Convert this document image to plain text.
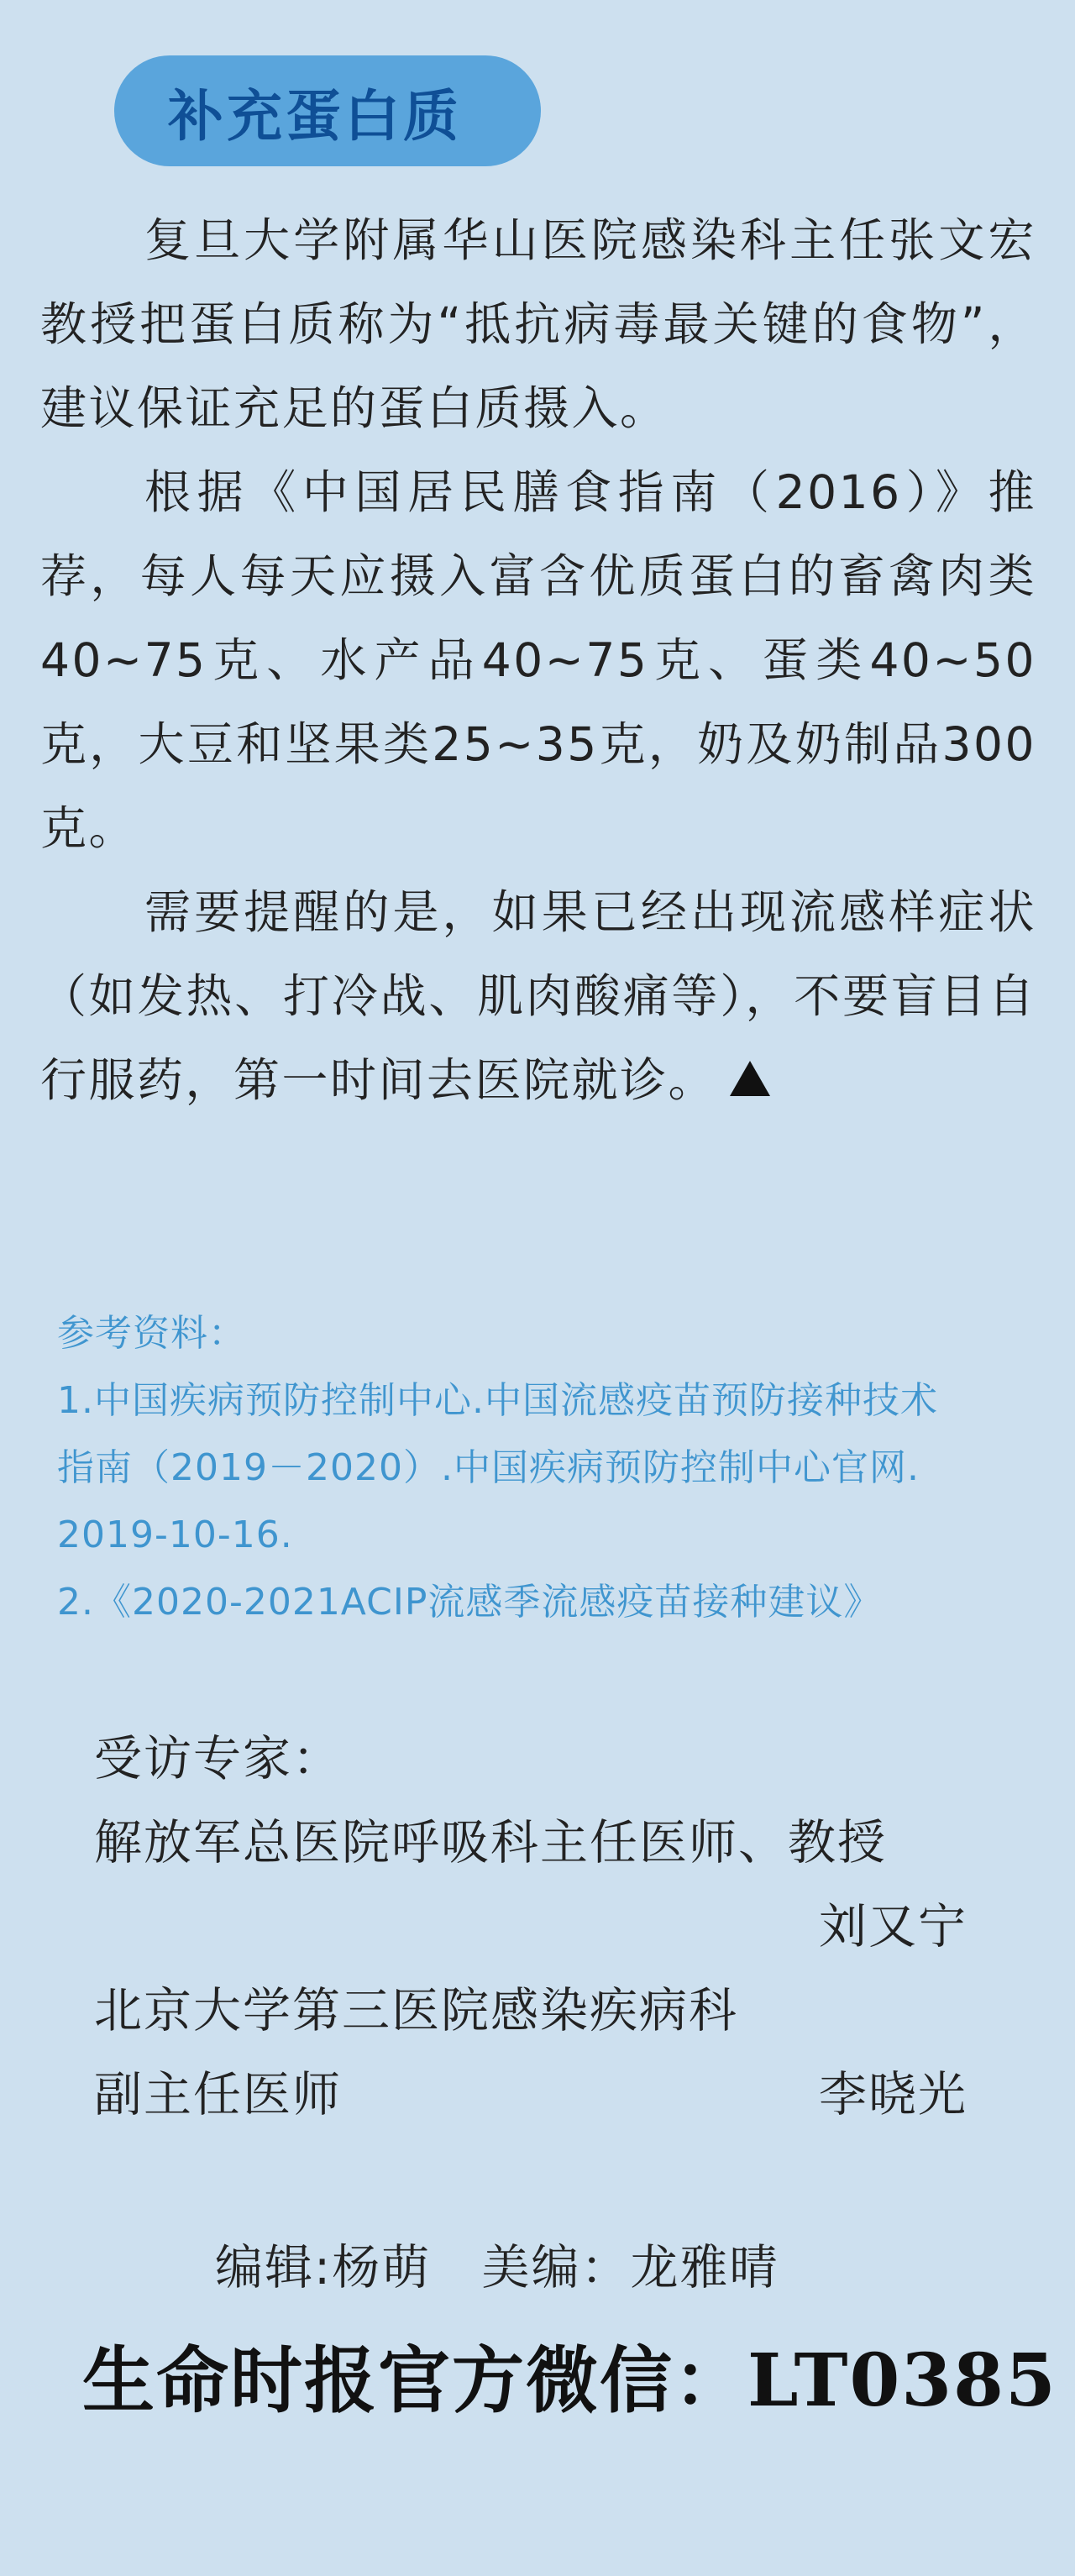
补充蛋白质

复旦大学附属华山医院感染科主任张文宏教授把蛋白质称为“抵抗病毒最关键的食物”，建议保证充足的蛋白质摄入。

根据《中国居民膳食指南（2016）》推荐，每人每天应摄入富含优质蛋白的畜禽肉类40~75克、水产品40~75克、蛋类40~50克，大豆和坚果类25~35克，奶及奶制品300克。

需要提醒的是，如果已经出现流感样症状（如发热、打冷战、肌肉酸痛等），不要盲目自行服药，第一时间去医院就诊。

参考资料：
1.中国疾病预防控制中心.中国流感疫苗预防接种技术
指南（2019－2020）.中国疾病预防控制中心官网.
2019-10-16.
2.《2020-2021ACIP流感季流感疫苗接种建议》
受访专家：
解放军总医院呼吸科主任医师、教授
刘又宁
北京大学第三医院感染疾病科
副主任医师	李晓光
编辑:杨萌   美编：龙雅晴
生命时报官方微信：LT0385
